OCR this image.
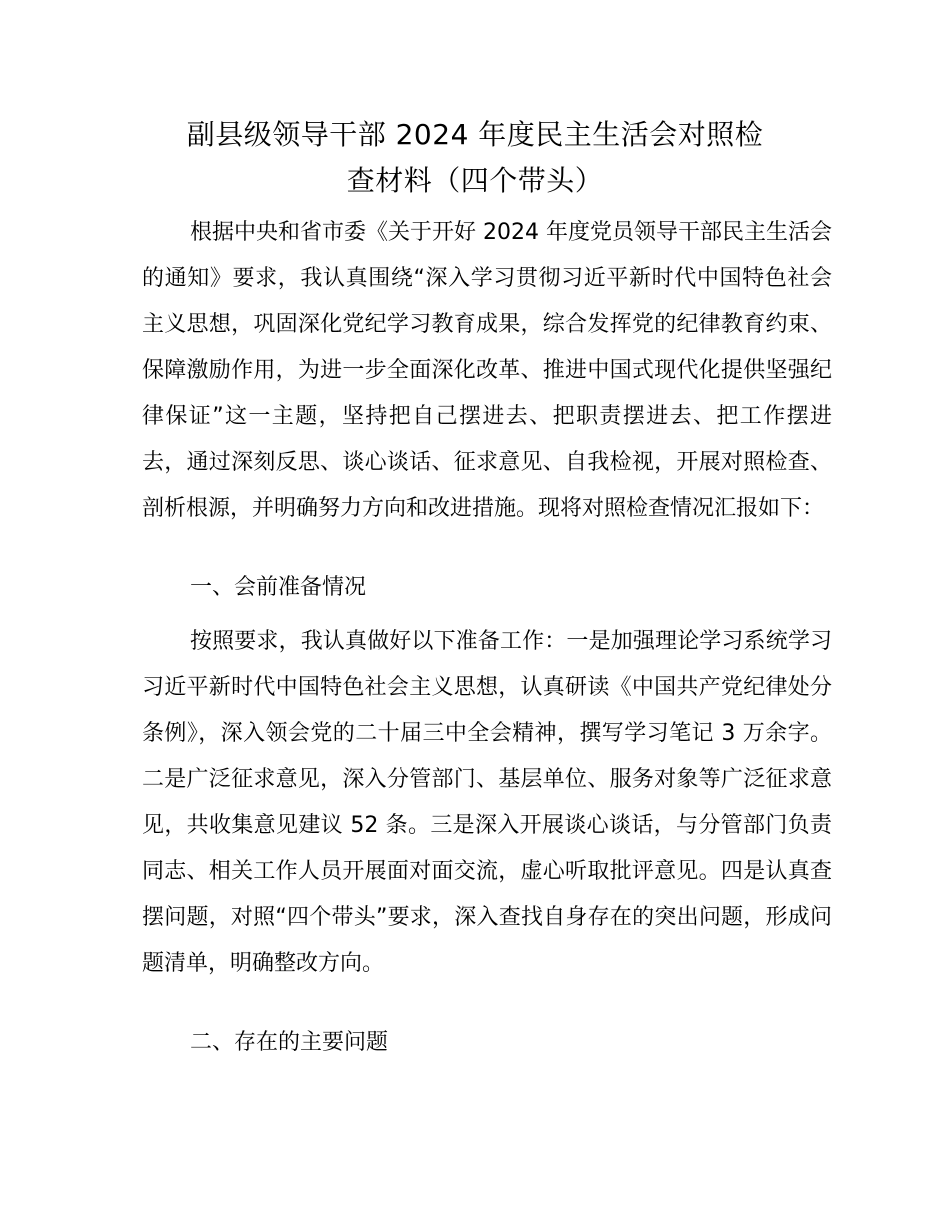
副县级领导干部 2024 年度民主生活会对照检
查材料（四个带头）

根据中央和省市委《关于开好 2024 年度党员领导干部民主生活会的通知》要求，我认真围绕“深入学习贯彻习近平新时代中国特色社会主义思想，巩固深化党纪学习教育成果，综合发挥党的纪律教育约束、保障激励作用，为进一步全面深化改革、推进中国式现代化提供坚强纪律保证”这一主题，坚持把自己摆进去、把职责摆进去、把工作摆进去，通过深刻反思、谈心谈话、征求意见、自我检视，开展对照检查、剖析根源，并明确努力方向和改进措施。现将对照检查情况汇报如下：

一、会前准备情况

按照要求，我认真做好以下准备工作：一是加强理论学习系统学习习近平新时代中国特色社会主义思想，认真研读《中国共产党纪律处分条例》，深入领会党的二十届三中全会精神，撰写学习笔记 3 万余字。二是广泛征求意见，深入分管部门、基层单位、服务对象等广泛征求意见，共收集意见建议 52 条。三是深入开展谈心谈话，与分管部门负责同志、相关工作人员开展面对面交流，虚心听取批评意见。四是认真查摆问题，对照“四个带头”要求，深入查找自身存在的突出问题，形成问题清单，明确整改方向。

二、存在的主要问题
